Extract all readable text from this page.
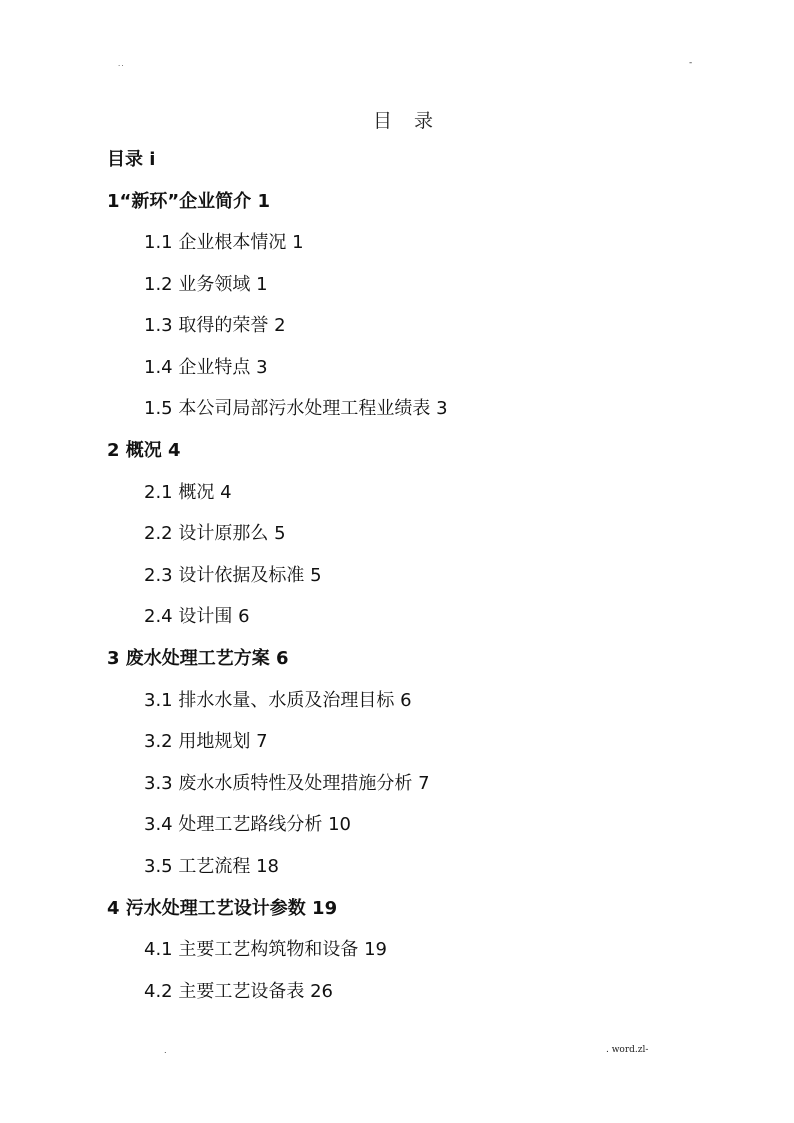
..	-
目 录
目录 i
1“新环”企业简介 1
1.1 企业根本情况 1
1.2 业务领域 1
1.3 取得的荣誉 2
1.4 企业特点 3
1.5 本公司局部污水处理工程业绩表 3
2 概况 4
2.1 概况 4
2.2 设计原那么 5
2.3 设计依据及标准 5
2.4 设计围 6
3 废水处理工艺方案 6
3.1 排水水量、水质及治理目标 6
3.2 用地规划 7
3.3 废水水质特性及处理措施分析 7
3.4 处理工艺路线分析 10
3.5 工艺流程 18
4 污水处理工艺设计参数 19
4.1 主要工艺构筑物和设备 19
4.2 主要工艺设备表 26
.	. word.zl-
